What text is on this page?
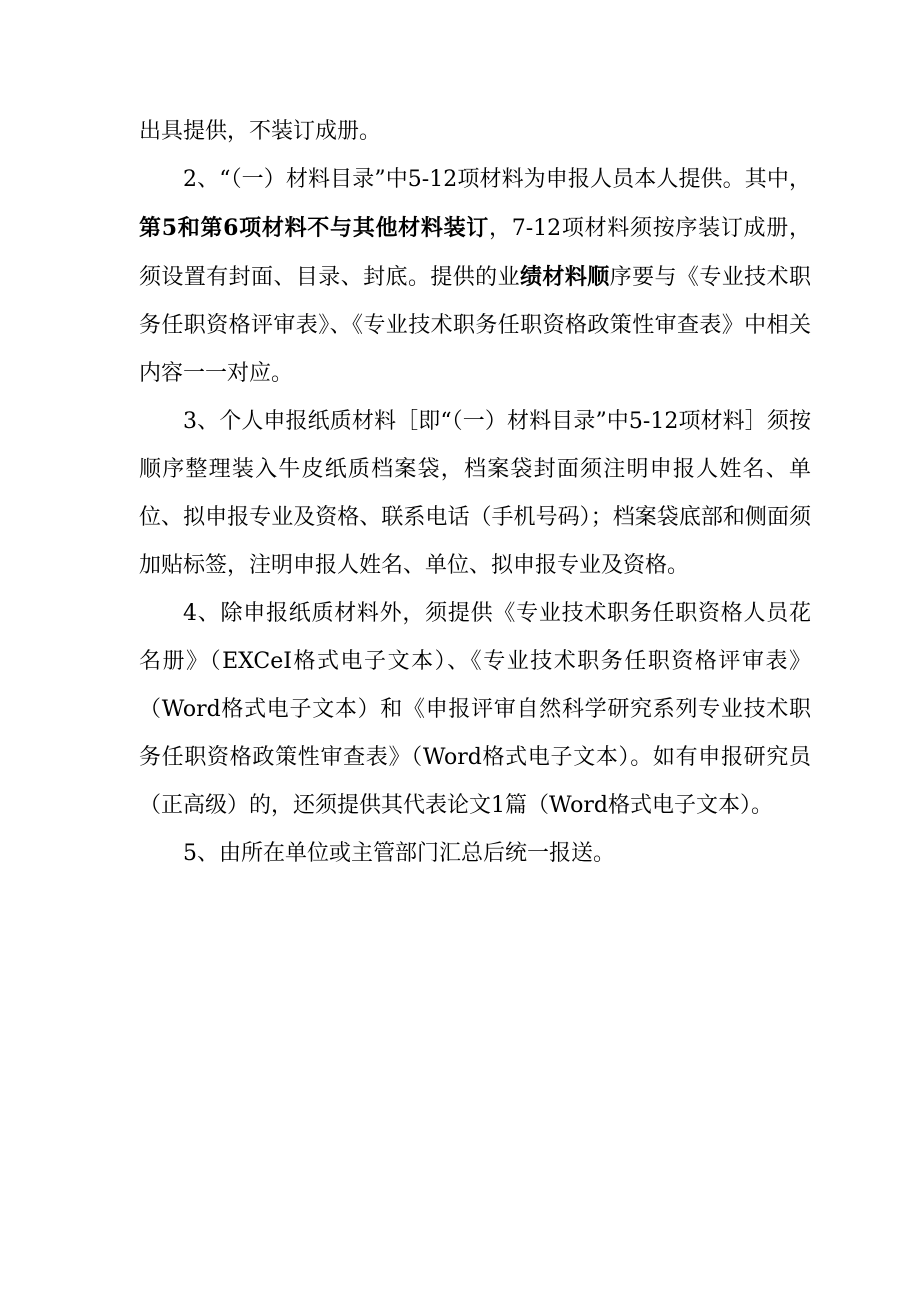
出具提供，不装订成册。

2、“（一）材料目录”中5-12项材料为申报人员本人提供。其中，第5和第6项材料不与其他材料装订，7-12项材料须按序装订成册，须设置有封面、目录、封底。提供的业绩材料顺序要与《专业技术职务任职资格评审表》、《专业技术职务任职资格政策性审查表》中相关内容一一对应。

3、个人申报纸质材料［即“（一）材料目录”中5-12项材料］须按顺序整理装入牛皮纸质档案袋，档案袋封面须注明申报人姓名、单位、拟申报专业及资格、联系电话（手机号码）；档案袋底部和侧面须加贴标签，注明申报人姓名、单位、拟申报专业及资格。

4、除申报纸质材料外，须提供《专业技术职务任职资格人员花名册》（EXCeI格式电子文本）、《专业技术职务任职资格评审表》（Word格式电子文本）和《申报评审自然科学研究系列专业技术职务任职资格政策性审查表》（Word格式电子文本）。如有申报研究员（正高级）的，还须提供其代表论文1篇（Word格式电子文本）。

5、由所在单位或主管部门汇总后统一报送。
